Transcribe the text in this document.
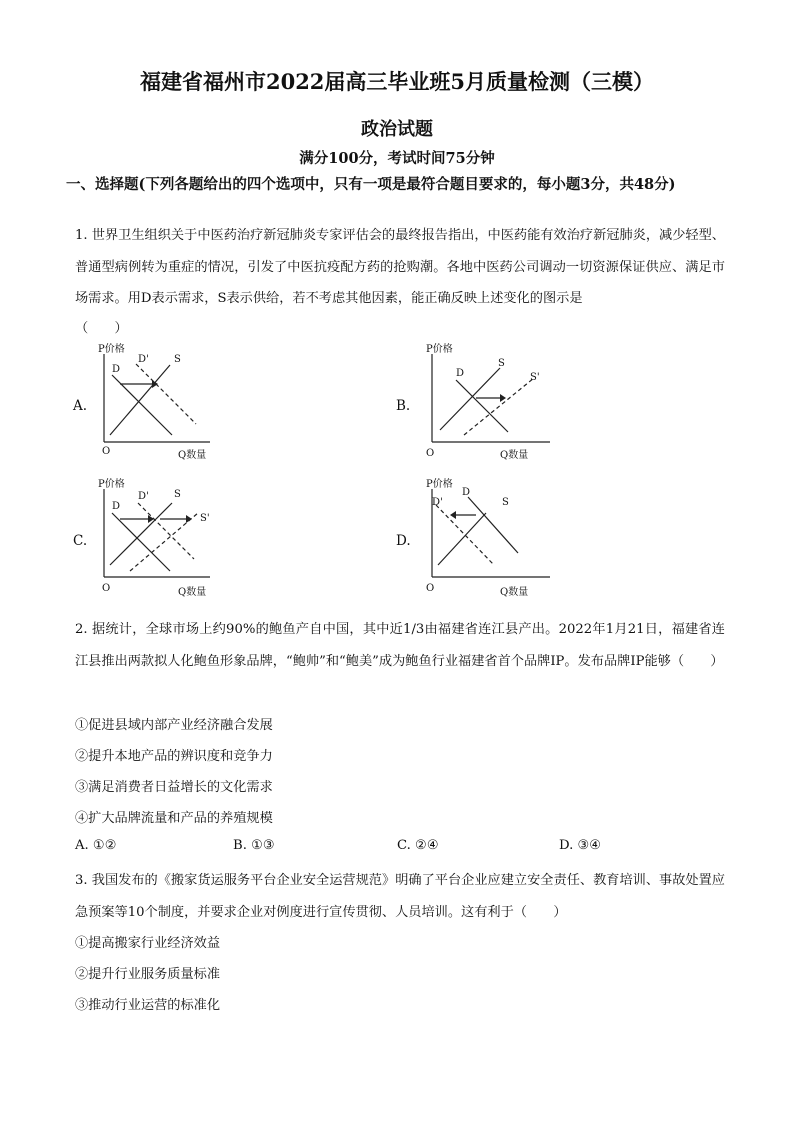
福建省福州市2022届高三毕业班5月质量检测（三模）
政治试题
满分100分，考试时间75分钟
一、选择题(下列各题给出的四个选项中，只有一项是最符合题目要求的，每小题3分，共48分)
1. 世界卫生组织关于中医药治疗新冠肺炎专家评估会的最终报告指出，中医药能有效治疗新冠肺炎，减少轻型、普通型病例转为重症的情况，引发了中医抗疫配方药的抢购潮。各地中医药公司调动一切资源保证供应、满足市场需求。用D表示需求，S表示供给，若不考虑其他因素，能正确反映上述变化的图示是
（　　）
A.
P价格
Q数量
O
D'
D
S
B.
P价格
Q数量
O
D
S
S'
C.
P价格
Q数量
O
D'
D
S
S'
D.
P价格
Q数量
O
D'
D
S
2. 据统计，全球市场上约90%的鲍鱼产自中国，其中近1/3由福建省连江县产出。2022年1月21日，福建省连江县推出两款拟人化鲍鱼形象品牌，“鲍帅”和“鲍美”成为鲍鱼行业福建省首个品牌IP。发布品牌IP能够（　　）
①促进县域内部产业经济融合发展
②提升本地产品的辨识度和竞争力
③满足消费者日益增长的文化需求
④扩大品牌流量和产品的养殖规模
A. ①②	B. ①③	C. ②④	D. ③④
3. 我国发布的《搬家货运服务平台企业安全运营规范》明确了平台企业应建立安全责任、教育培训、事故处置应急预案等10个制度，并要求企业对例度进行宣传贯彻、人员培训。这有利于（　　）
①提高搬家行业经济效益
②提升行业服务质量标准
③推动行业运营的标准化
